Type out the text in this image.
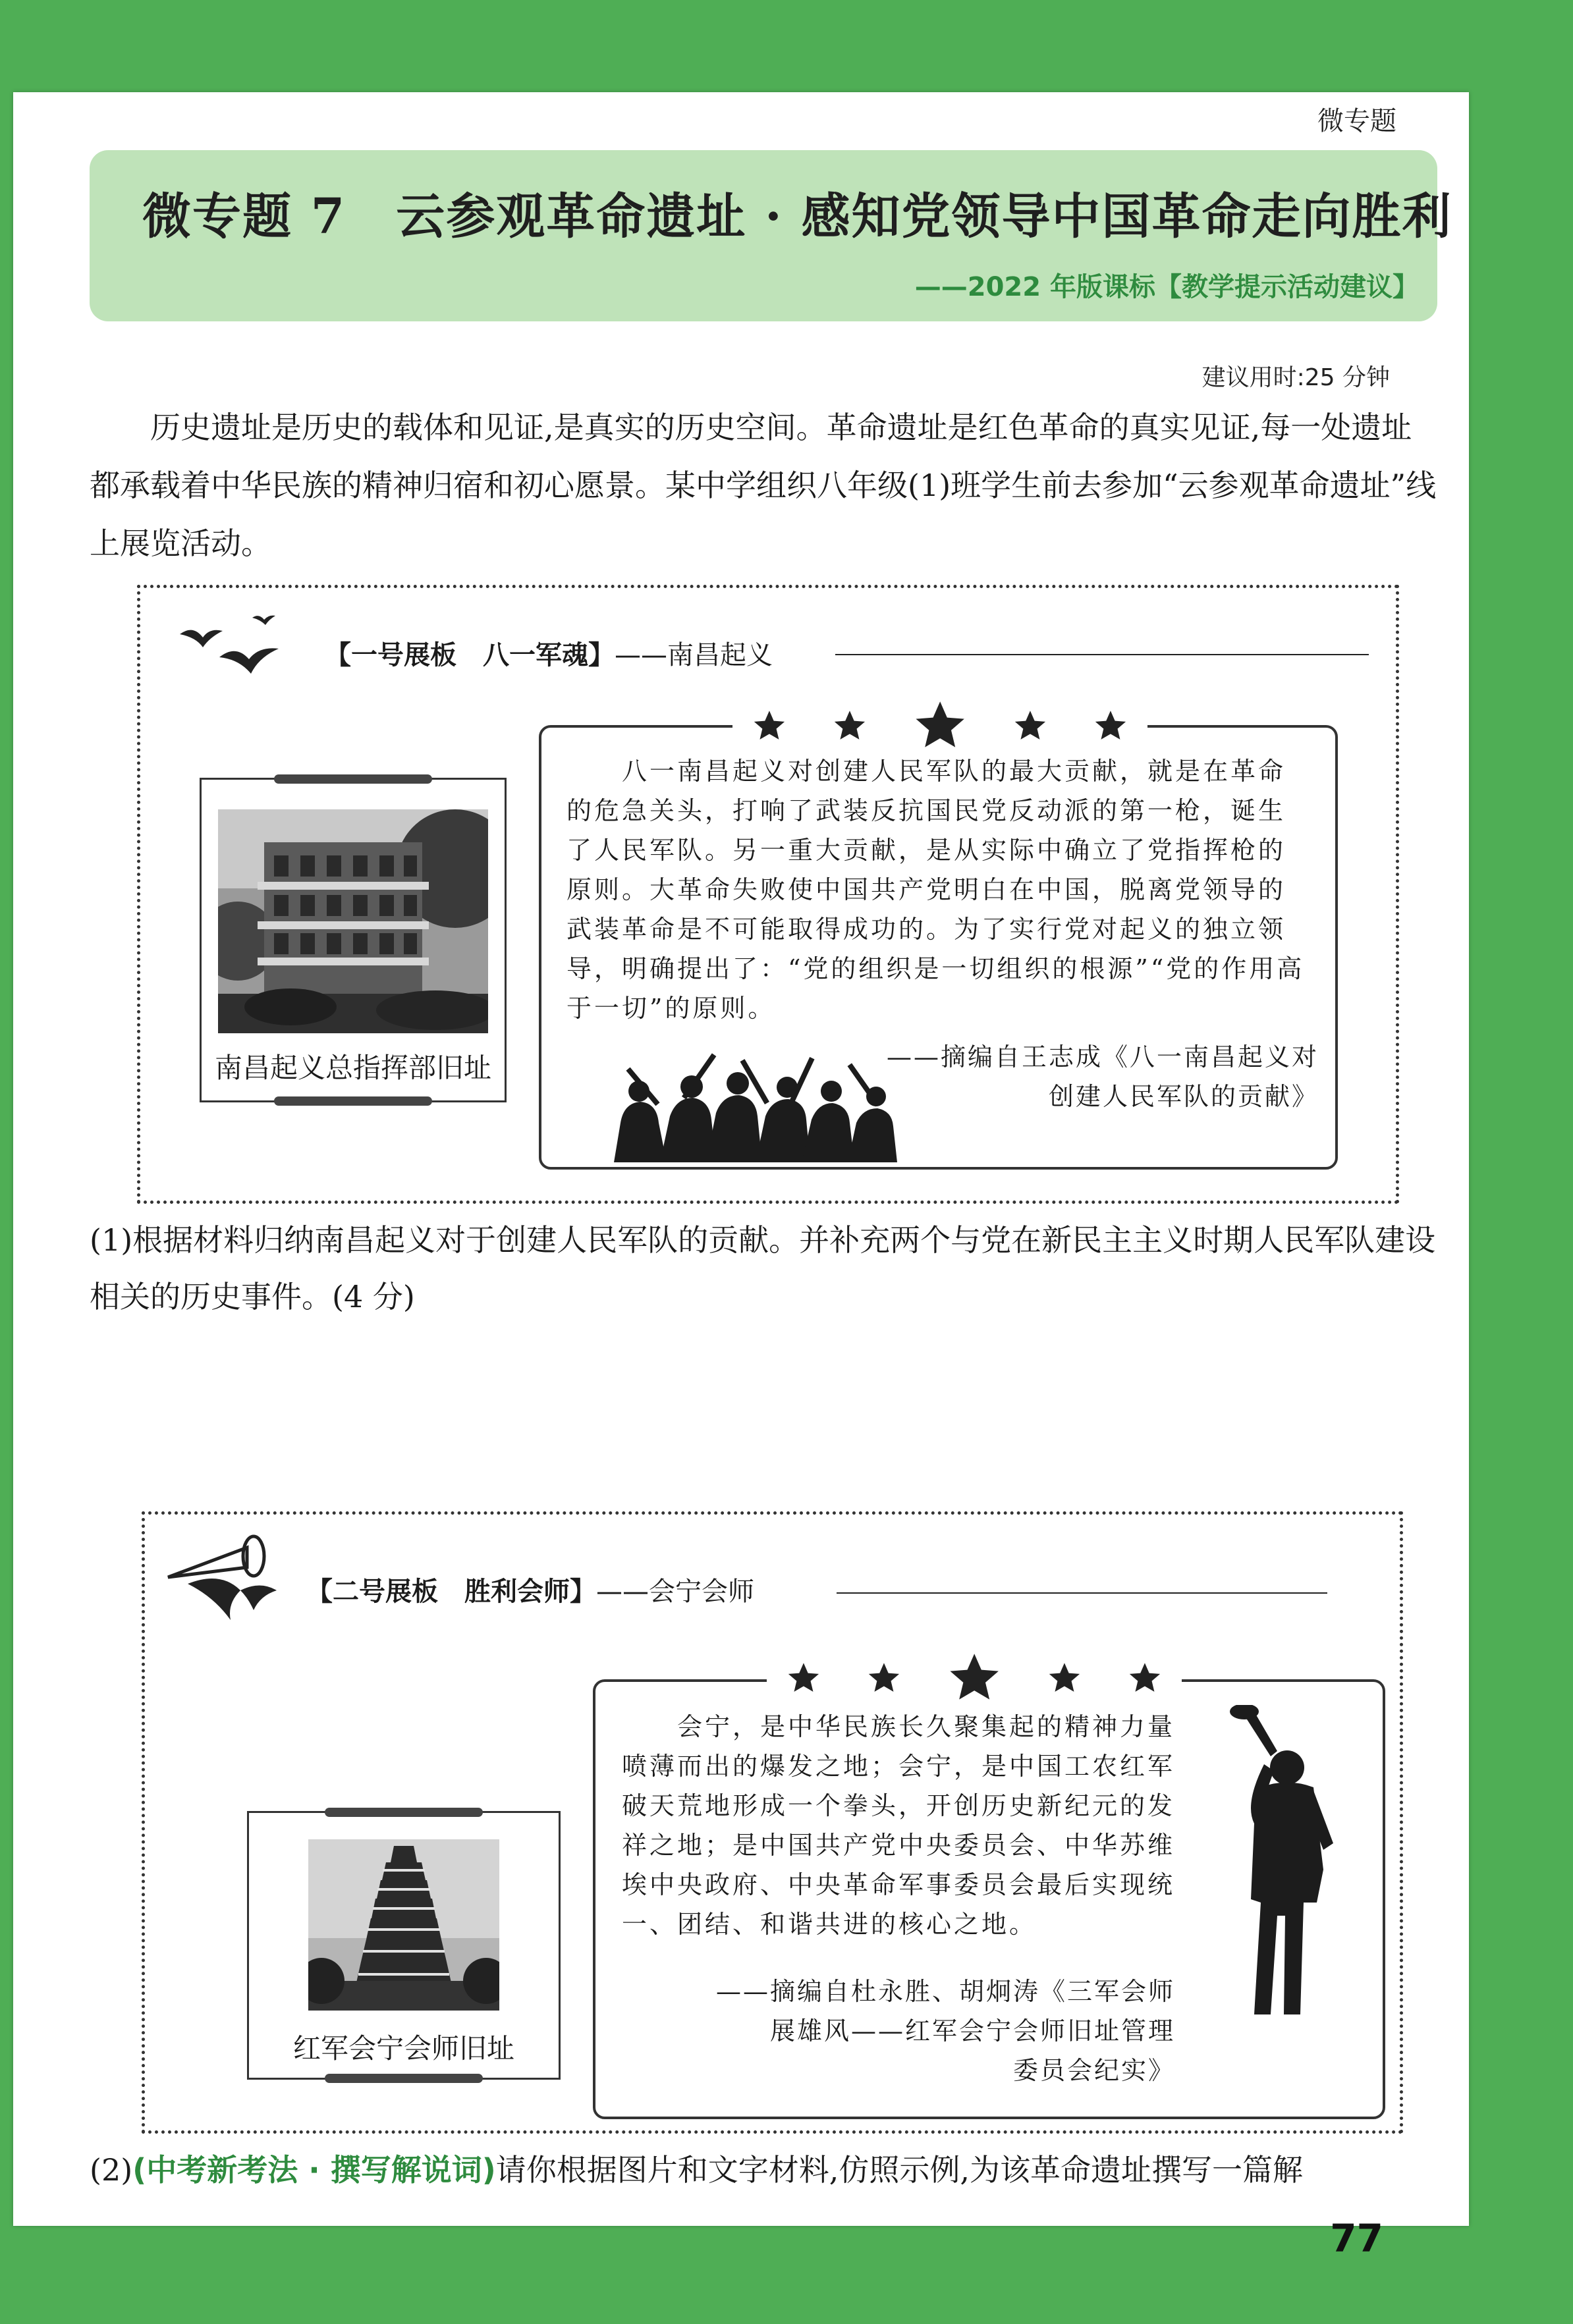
微专题
微专题 7　云参观革命遗址 · 感知党领导中国革命走向胜利
——2022 年版课标【教学提示活动建议】
建议用时:25 分钟

历史遗址是历史的载体和见证,是真实的历史空间。革命遗址是红色革命的真实见证,每一处遗址都承载着中华民族的精神归宿和初心愿景。某中学组织八年级(1)班学生前去参加“云参观革命遗址”线上展览活动。

【一号展板　八一军魂】——南昌起义
南昌起义总指挥部旧址

八一南昌起义对创建人民军队的最大贡献，就是在革命的危急关头，打响了武装反抗国民党反动派的第一枪，诞生了人民军队。另一重大贡献，是从实际中确立了党指挥枪的原则。大革命失败使中国共产党明白在中国，脱离党领导的武装革命是不可能取得成功的。为了实行党对起义的独立领导，明确提出了：“党的组织是一切组织的根源”“党的作用高于一切”的原则。

——摘编自王志成《八一南昌起义对
创建人民军队的贡献》

(1)根据材料归纳南昌起义对于创建人民军队的贡献。并补充两个与党在新民主主义时期人民军队建设相关的历史事件。(4 分)

【二号展板　胜利会师】——会宁会师
红军会宁会师旧址

会宁，是中华民族长久聚集起的精神力量喷薄而出的爆发之地；会宁，是中国工农红军破天荒地形成一个拳头，开创历史新纪元的发祥之地；是中国共产党中央委员会、中华苏维埃中央政府、中央革命军事委员会最后实现统一、团结、和谐共进的核心之地。

——摘编自杜永胜、胡炯涛《三军会师
展雄风——红军会宁会师旧址管理
委员会纪实》

(2)(中考新考法 · 撰写解说词)请你根据图片和文字材料,仿照示例,为该革命遗址撰写一篇解

77
